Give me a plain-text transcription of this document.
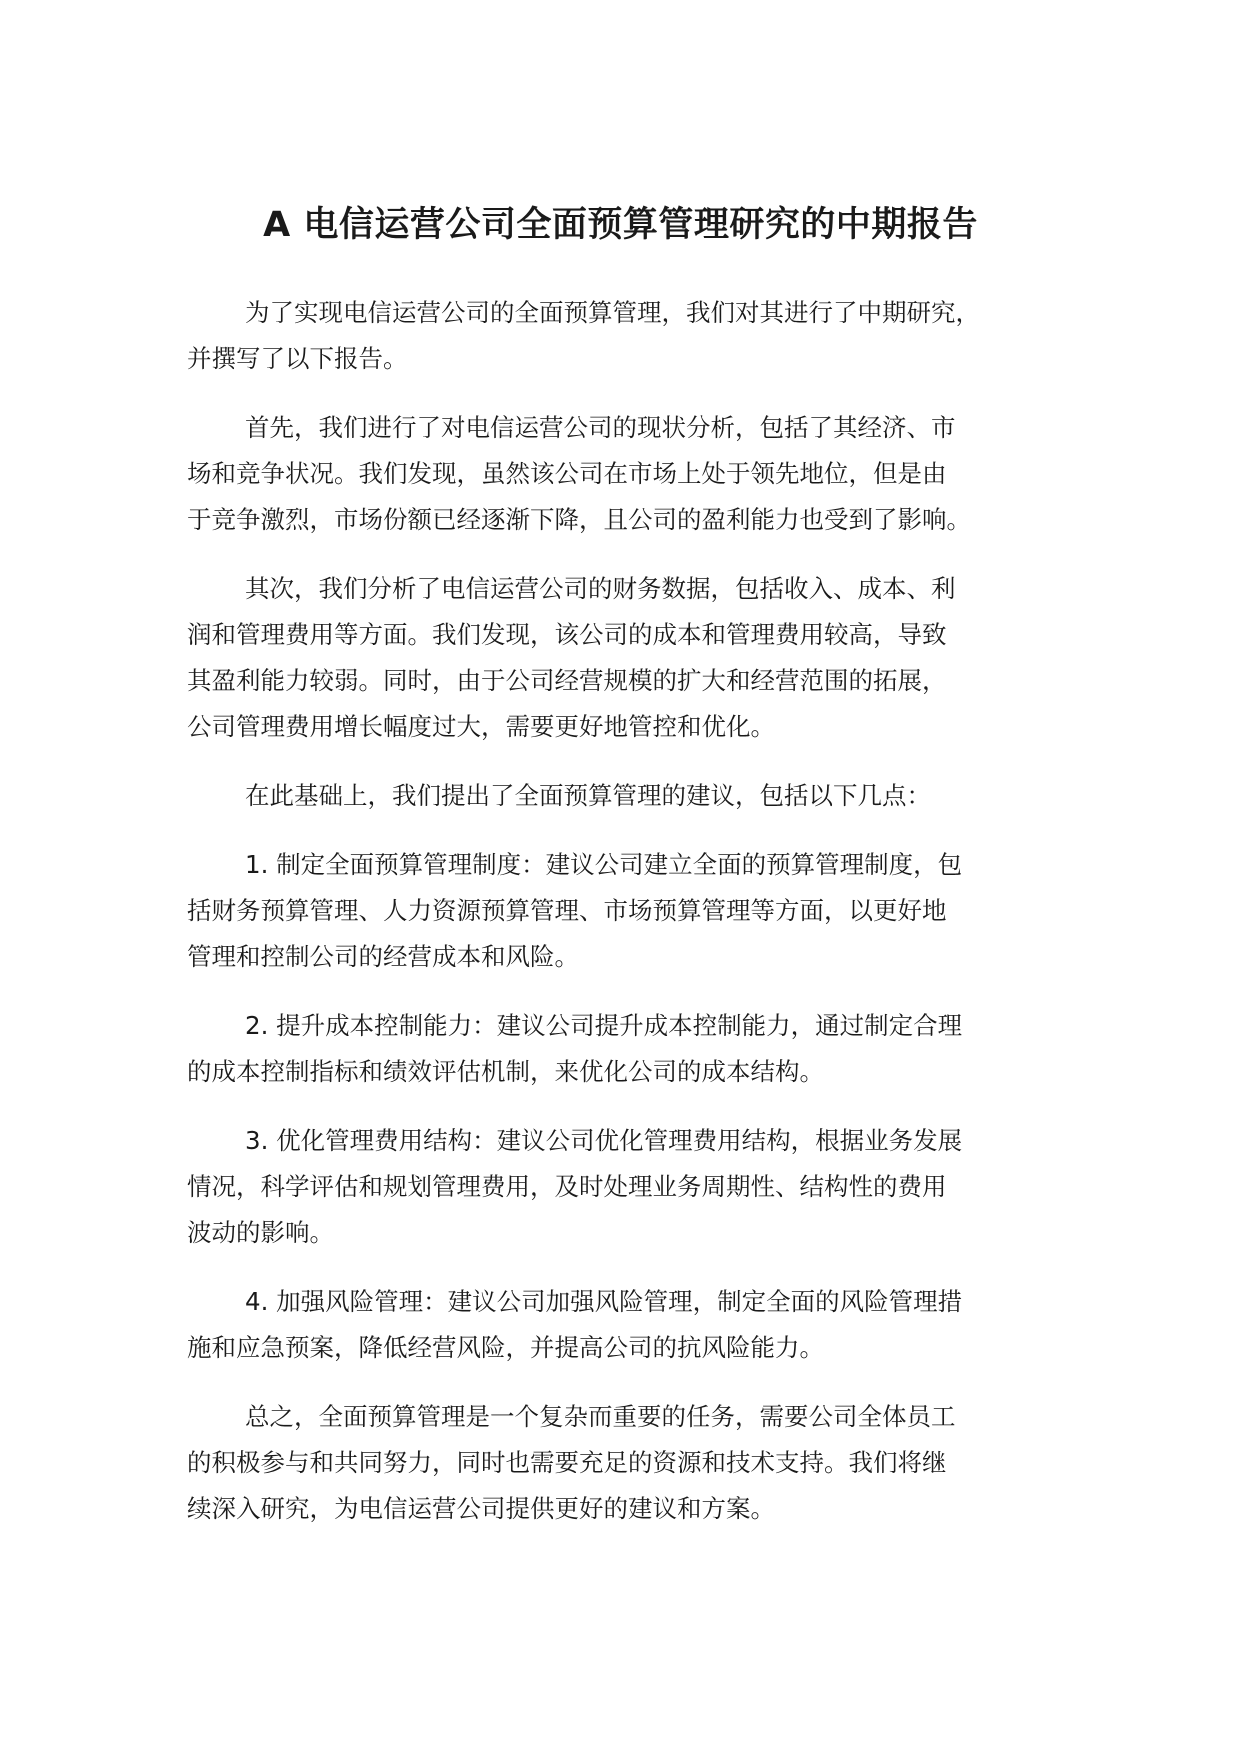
A 电信运营公司全面预算管理研究的中期报告
为了实现电信运营公司的全面预算管理，我们对其进行了中期研究，
并撰写了以下报告。
首先，我们进行了对电信运营公司的现状分析，包括了其经济、市
场和竞争状况。我们发现，虽然该公司在市场上处于领先地位，但是由
于竞争激烈，市场份额已经逐渐下降，且公司的盈利能力也受到了影响。
其次，我们分析了电信运营公司的财务数据，包括收入、成本、利
润和管理费用等方面。我们发现，该公司的成本和管理费用较高，导致
其盈利能力较弱。同时，由于公司经营规模的扩大和经营范围的拓展，
公司管理费用增长幅度过大，需要更好地管控和优化。
在此基础上，我们提出了全面预算管理的建议，包括以下几点：
1. 制定全面预算管理制度：建议公司建立全面的预算管理制度，包
括财务预算管理、人力资源预算管理、市场预算管理等方面，以更好地
管理和控制公司的经营成本和风险。
2. 提升成本控制能力：建议公司提升成本控制能力，通过制定合理
的成本控制指标和绩效评估机制，来优化公司的成本结构。
3. 优化管理费用结构：建议公司优化管理费用结构，根据业务发展
情况，科学评估和规划管理费用，及时处理业务周期性、结构性的费用
波动的影响。
4. 加强风险管理：建议公司加强风险管理，制定全面的风险管理措
施和应急预案，降低经营风险，并提高公司的抗风险能力。
总之，全面预算管理是一个复杂而重要的任务，需要公司全体员工
的积极参与和共同努力，同时也需要充足的资源和技术支持。我们将继
续深入研究，为电信运营公司提供更好的建议和方案。
